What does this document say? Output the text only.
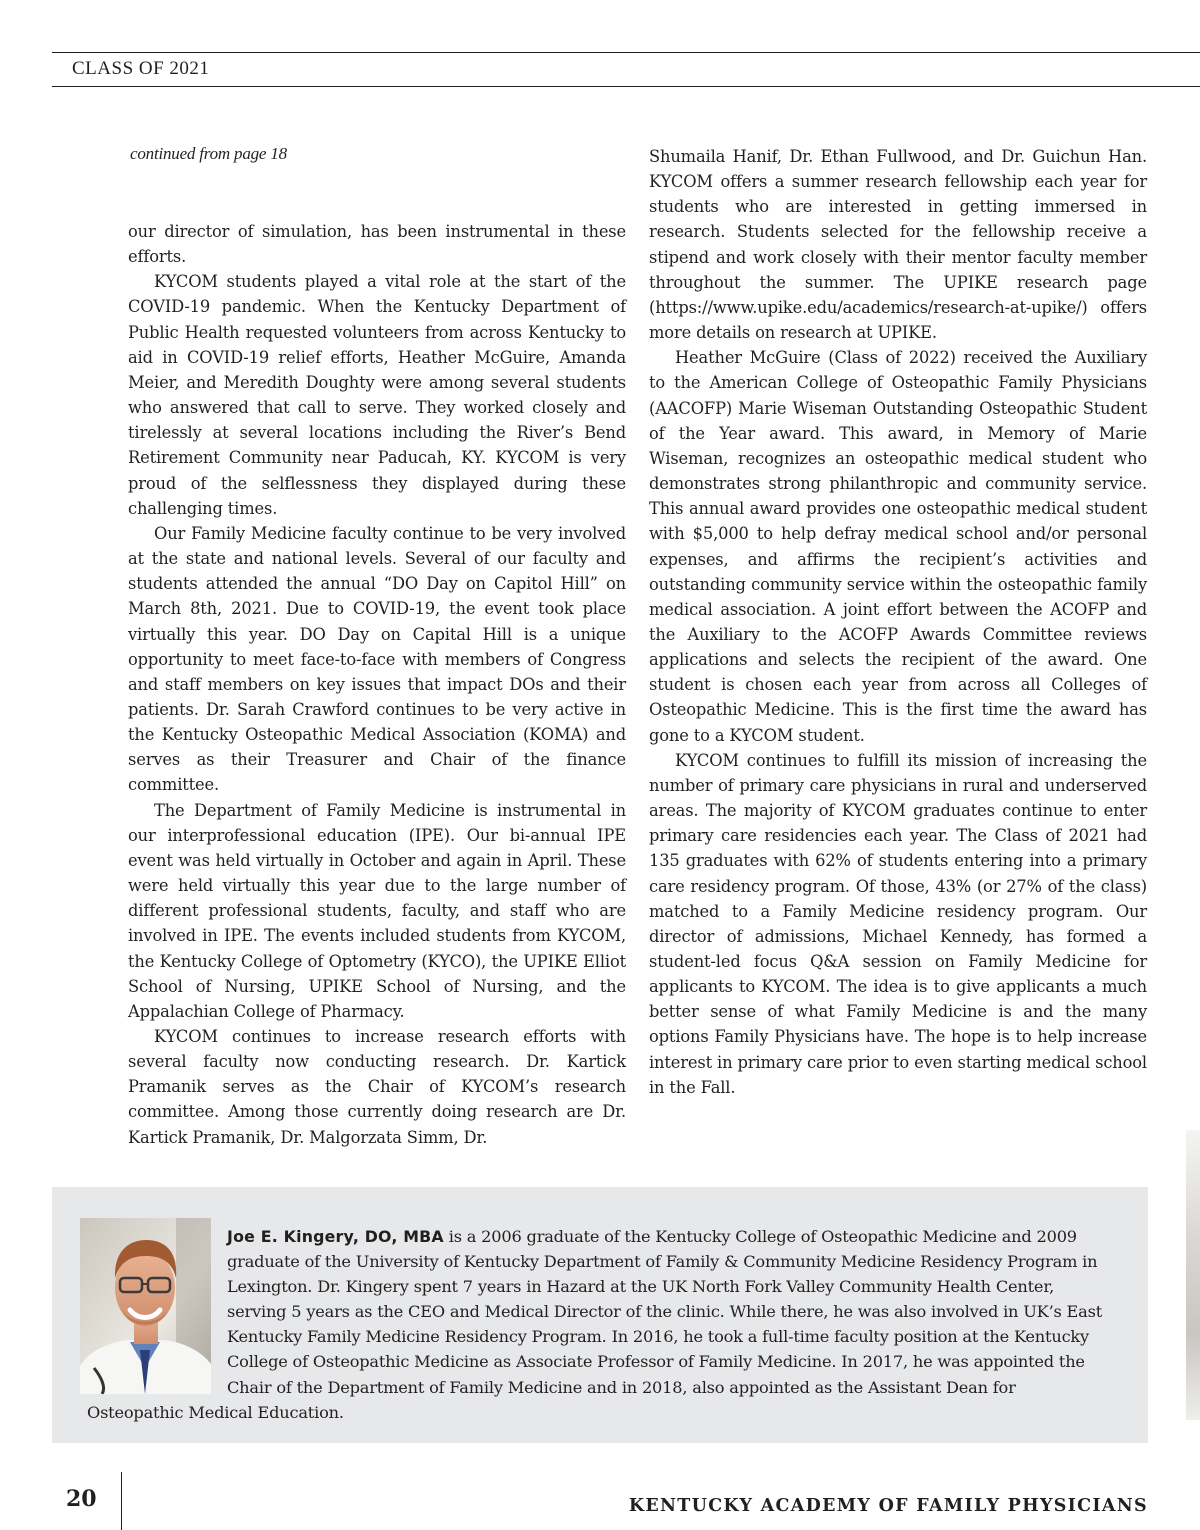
CLASS OF 2021
continued from page 18

our director of simulation, has been instrumental in these efforts.

KYCOM students played a vital role at the start of the COVID-19 pandemic. When the Kentucky Department of Public Health requested volunteers from across Kentucky to aid in COVID-19 relief efforts, Heather McGuire, Amanda Meier, and Meredith Doughty were among several students who answered that call to serve. They worked closely and tirelessly at several locations including the River’s Bend Retirement Community near Paducah, KY. KYCOM is very proud of the selflessness they displayed during these challenging times.

Our Family Medicine faculty continue to be very involved at the state and national levels. Several of our faculty and students attended the annual “DO Day on Capitol Hill” on March 8th, 2021. Due to COVID-19, the event took place virtually this year. DO Day on Capital Hill is a unique opportunity to meet face-to-face with members of Congress and staff members on key issues that impact DOs and their patients. Dr. Sarah Crawford continues to be very active in the Kentucky Osteopathic Medical Association (KOMA) and serves as their Treasurer and Chair of the finance committee.

The Department of Family Medicine is instrumental in our interprofessional education (IPE). Our bi-annual IPE event was held virtually in October and again in April. These were held virtually this year due to the large number of different professional students, faculty, and staff who are involved in IPE. The events included students from KYCOM, the Kentucky College of Optometry (KYCO), the UPIKE Elliot School of Nursing, UPIKE School of Nursing, and the Appalachian College of Pharmacy.

KYCOM continues to increase research efforts with several faculty now conducting research. Dr. Kartick Pramanik serves as the Chair of KYCOM’s research committee. Among those currently doing research are Dr. Kartick Pramanik, Dr. Malgorzata Simm, Dr.

Shumaila Hanif, Dr. Ethan Fullwood, and Dr. Guichun Han. KYCOM offers a summer research fellowship each year for students who are interested in getting immersed in research. Students selected for the fellowship receive a stipend and work closely with their mentor faculty member throughout the summer. The UPIKE research page (https://www.upike.edu/academics/research-at-upike/) offers more details on research at UPIKE.

Heather McGuire (Class of 2022) received the Auxiliary to the American College of Osteopathic Family Physicians (AACOFP) Marie Wiseman Outstanding Osteopathic Student of the Year award. This award, in Memory of Marie Wiseman, recognizes an osteopathic medical student who demonstrates strong philanthropic and community service. This annual award provides one osteopathic medical student with $5,000 to help defray medical school and/or personal expenses, and affirms the recipient’s activities and outstanding community service within the osteopathic family medical association. A joint effort between the ACOFP and the Auxiliary to the ACOFP Awards Committee reviews applications and selects the recipient of the award. One student is chosen each year from across all Colleges of Osteopathic Medicine. This is the first time the award has gone to a KYCOM student.

KYCOM continues to fulfill its mission of increasing the number of primary care physicians in rural and underserved areas. The majority of KYCOM graduates continue to enter primary care residencies each year. The Class of 2021 had 135 graduates with 62% of students entering into a primary care residency program. Of those, 43% (or 27% of the class) matched to a Family Medicine residency program. Our director of admissions, Michael Kennedy, has formed a student-led focus Q&A session on Family Medicine for applicants to KYCOM. The idea is to give applicants a much better sense of what Family Medicine is and the many options Family Physicians have. The hope is to help increase interest in primary care prior to even starting medical school in the Fall.

Joe E. Kingery, DO, MBA is a 2006 graduate of the Kentucky College of Osteopathic Medicine and 2009 graduate of the University of Kentucky Department of Family & Community Medicine Residency Program in Lexington. Dr. Kingery spent 7 years in Hazard at the UK North Fork Valley Community Health Center, serving 5 years as the CEO and Medical Director of the clinic. While there, he was also involved in UK’s East Kentucky Family Medicine Residency Program. In 2016, he took a full-time faculty position at the Kentucky College of Osteopathic Medicine as Associate Professor of Family Medicine. In 2017, he was appointed the Chair of the Department of Family Medicine and in 2018, also appointed as the Assistant Dean for Osteopathic Medical Education.
20	KENTUCKY ACADEMY OF FAMILY PHYSICIANS
